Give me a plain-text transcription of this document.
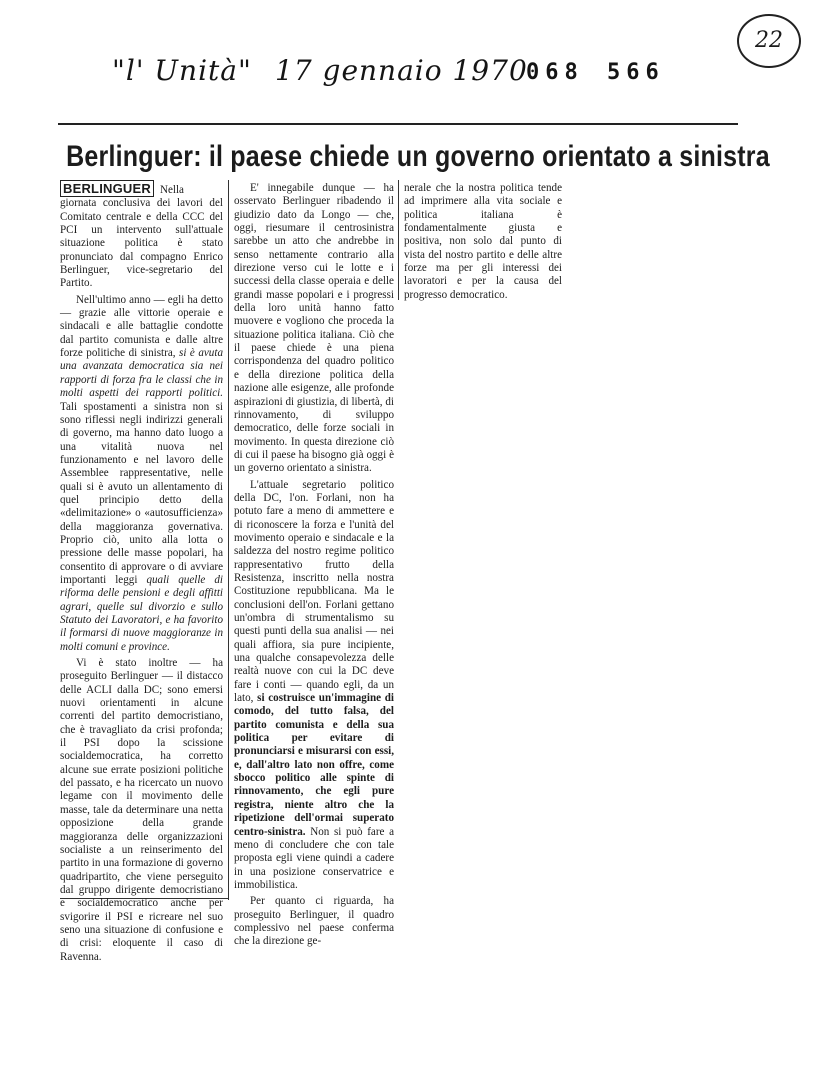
"l' Unità" 17 gennaio 1970
068 566
22
Berlinguer: il paese chiede un governo orientato a sinistra

BERLINGUER Nella giornata conclusiva dei lavori del Comitato centrale e della CCC del PCI un intervento sull'attuale situazione politica è stato pronunciato dal compagno Enrico Berlinguer, vice-segretario del Partito.

Nell'ultimo anno — egli ha detto — grazie alle vittorie operaie e sindacali e alle battaglie condotte dal partito comunista e dalle altre forze politiche di sinistra, si è avuta una avanzata democratica sia nei rapporti di forza fra le classi che in molti aspetti dei rapporti politici. Tali spostamenti a sinistra non si sono riflessi negli indirizzi generali di governo, ma hanno dato luogo a una vitalità nuova nel funzionamento e nel lavoro delle Assemblee rappresentative, nelle quali si è avuto un allentamento di quel principio detto della «delimitazione» o «autosufficienza» della maggioranza governativa. Proprio ciò, unito alla lotta o pressione delle masse popolari, ha consentito di approvare o di avviare importanti leggi quali quelle di riforma delle pensioni e degli affitti agrari, quelle sul divorzio e sullo Statuto dei Lavoratori, e ha favorito il formarsi di nuove maggioranze in molti comuni e province.

Vi è stato inoltre — ha proseguito Berlinguer — il distacco delle ACLI dalla DC; sono emersi nuovi orientamenti in alcune correnti del partito democristiano, che è travagliato da crisi profonda; il PSI dopo la scissione socialdemocratica, ha corretto alcune sue errate posizioni politiche del passato, e ha ricercato un nuovo legame con il movimento delle masse, tale da determinare una netta opposizione della grande maggioranza delle organizzazioni socialiste a un reinserimento del partito in una formazione di governo quadripartito, che viene perseguito dal gruppo dirigente democristiano e socialdemocratico anche per svigorire il PSI e ricreare nel suo seno una situazione di confusione e di crisi: eloquente il caso di Ravenna.

E' innegabile dunque — ha osservato Berlinguer ribadendo il giudizio dato da Longo — che, oggi, riesumare il centrosinistra sarebbe un atto che andrebbe in senso nettamente contrario alla direzione verso cui le lotte e i successi della classe operaia e delle grandi masse popolari e i progressi della loro unità hanno fatto muovere e vogliono che proceda la situazione politica italiana. Ciò che il paese chiede è una piena corrispondenza del quadro politico e della direzione politica della nazione alle esigenze, alle profonde aspirazioni di giustizia, di libertà, di rinnovamento, di sviluppo democratico, delle forze sociali in movimento. In questa direzione ciò di cui il paese ha bisogno già oggi è un governo orientato a sinistra.

L'attuale segretario politico della DC, l'on. Forlani, non ha potuto fare a meno di ammettere e di riconoscere la forza e l'unità del movimento operaio e sindacale e la saldezza del nostro regime politico rappresentativo frutto della Resistenza, inscritto nella nostra Costituzione repubblicana. Ma le conclusioni dell'on. Forlani gettano un'ombra di strumentalismo su questi punti della sua analisi — nei quali affiora, sia pure incipiente, una qualche consapevolezza delle realtà nuove con cui la DC deve fare i conti — quando egli, da un lato, si costruisce un'immagine di comodo, del tutto falsa, del partito comunista e della sua politica per evitare di pronunciarsi e misurarsi con essi, e, dall'altro lato non offre, come sbocco politico alle spinte di rinnovamento, che egli pure registra, niente altro che la ripetizione dell'ormai superato centro-sinistra. Non si può fare a meno di concludere che con tale proposta egli viene quindi a cadere in una posizione conservatrice e immobilistica.

Per quanto ci riguarda, ha proseguito Berlinguer, il quadro complessivo nel paese conferma che la direzione ge-

nerale che la nostra politica tende ad imprimere alla vita sociale e politica italiana è fondamentalmente giusta e positiva, non solo dal punto di vista del nostro partito e delle altre forze ma per gli interessi dei lavoratori e per la causa del progresso democratico.
